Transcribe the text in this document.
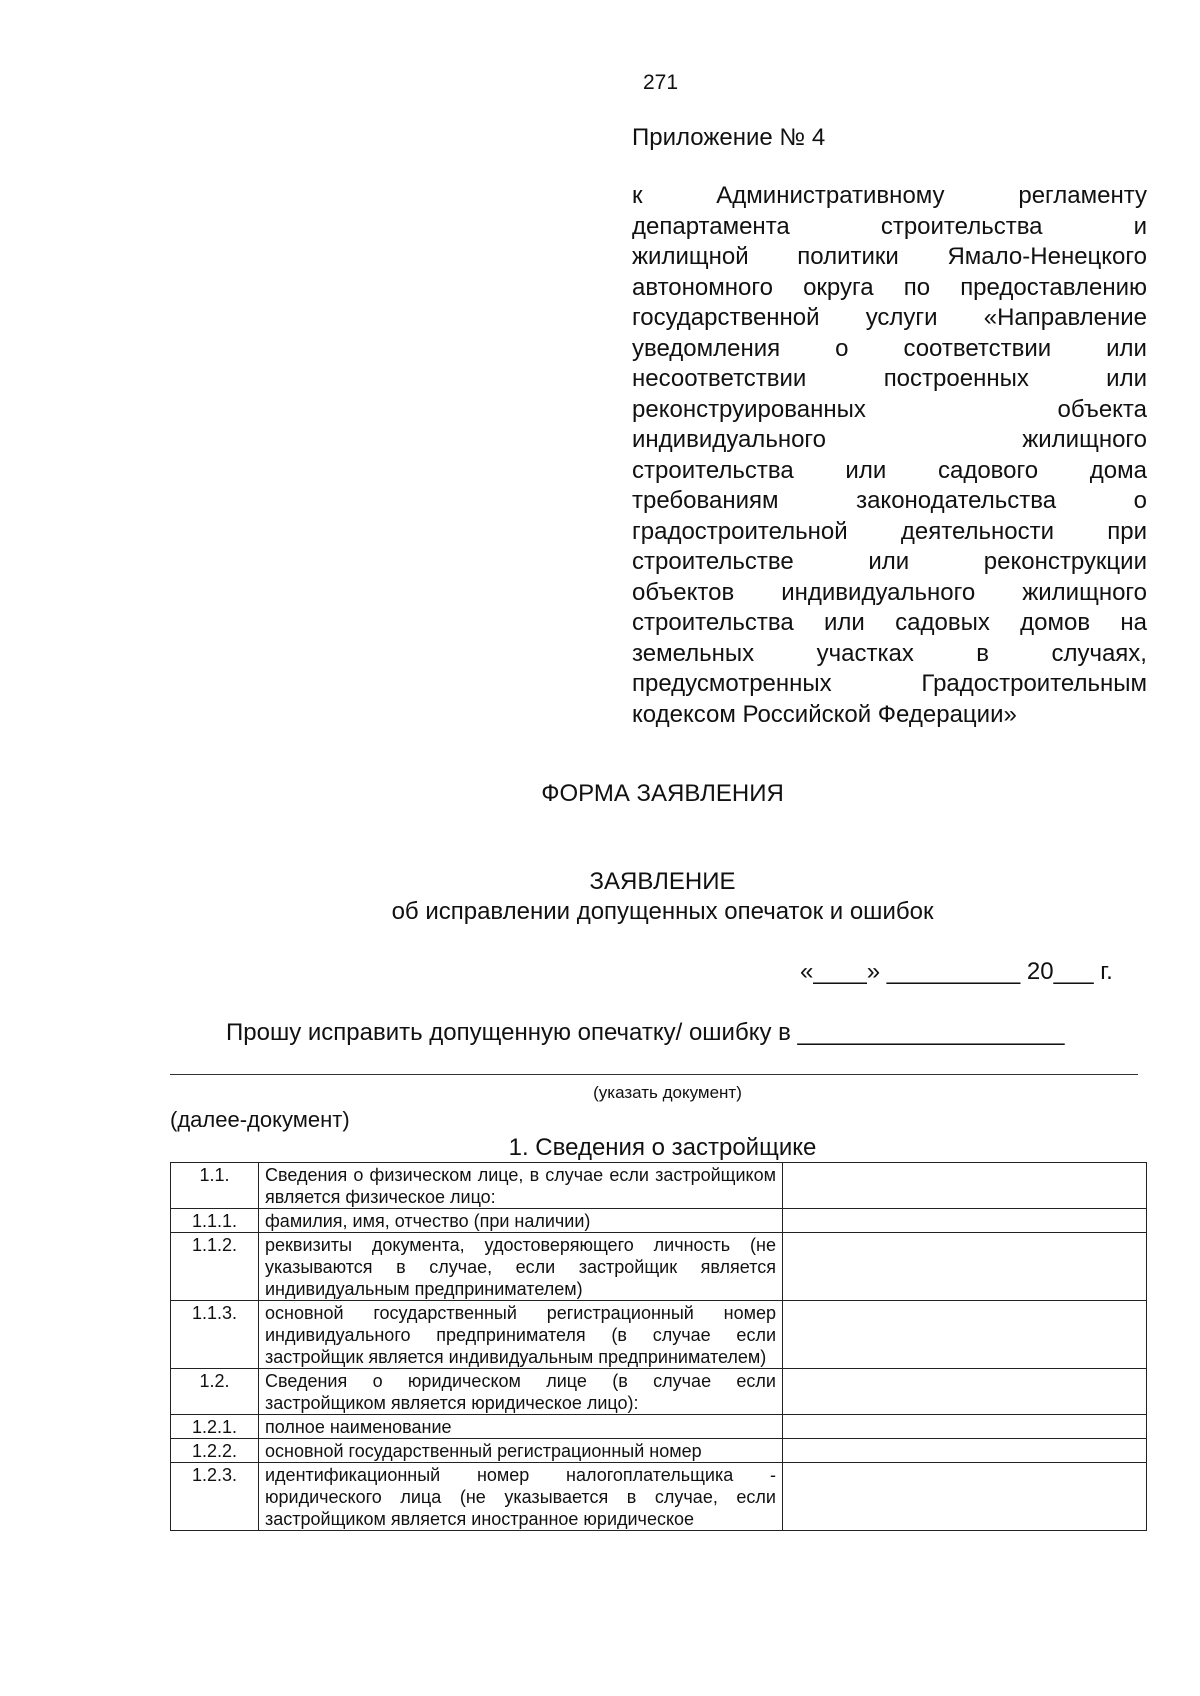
271
Приложение № 4
к	Административному	регламенту
департамента	строительства	и
жилищной политики Ямало-Ненецкого
автономного округа по предоставлению
государственной услуги «Направление
уведомления о соответствии или
несоответствии	построенных	или
реконструированных	объекта
индивидуального	жилищного
строительства или садового дома
требованиям	законодательства	о
градостроительной деятельности при
строительстве	или	реконструкции
объектов индивидуального жилищного
строительства или садовых домов на
земельных	участках	в	случаях,
предусмотренных	Градостроительным
кодексом Российской Федерации»
ФОРМА ЗАЯВЛЕНИЯ
ЗАЯВЛЕНИЕ
об исправлении допущенных опечаток и ошибок
«____» __________ 20___ г.
Прошу исправить допущенную опечатку/ ошибку в ____________________
(указать документ)
(далее-документ)
1. Сведения о застройщике
1.1.	Сведения о физическом лице, в случае если застройщиком является физическое лицо:	
1.1.1.	фамилия, имя, отчество (при наличии)	
1.1.2.	реквизиты документа, удостоверяющего личность (не указываются в случае, если застройщик является индивидуальным предпринимателем)	
1.1.3.	основной государственный регистрационный номер индивидуального предпринимателя (в случае если застройщик является индивидуальным предпринимателем)	
1.2.	Сведения о юридическом лице (в случае если застройщиком является юридическое лицо):	
1.2.1.	полное наименование	
1.2.2.	основной государственный регистрационный номер	
1.2.3.	идентификационный номер налогоплательщика - юридического лица (не указывается в случае, если застройщиком является иностранное юридическое	
